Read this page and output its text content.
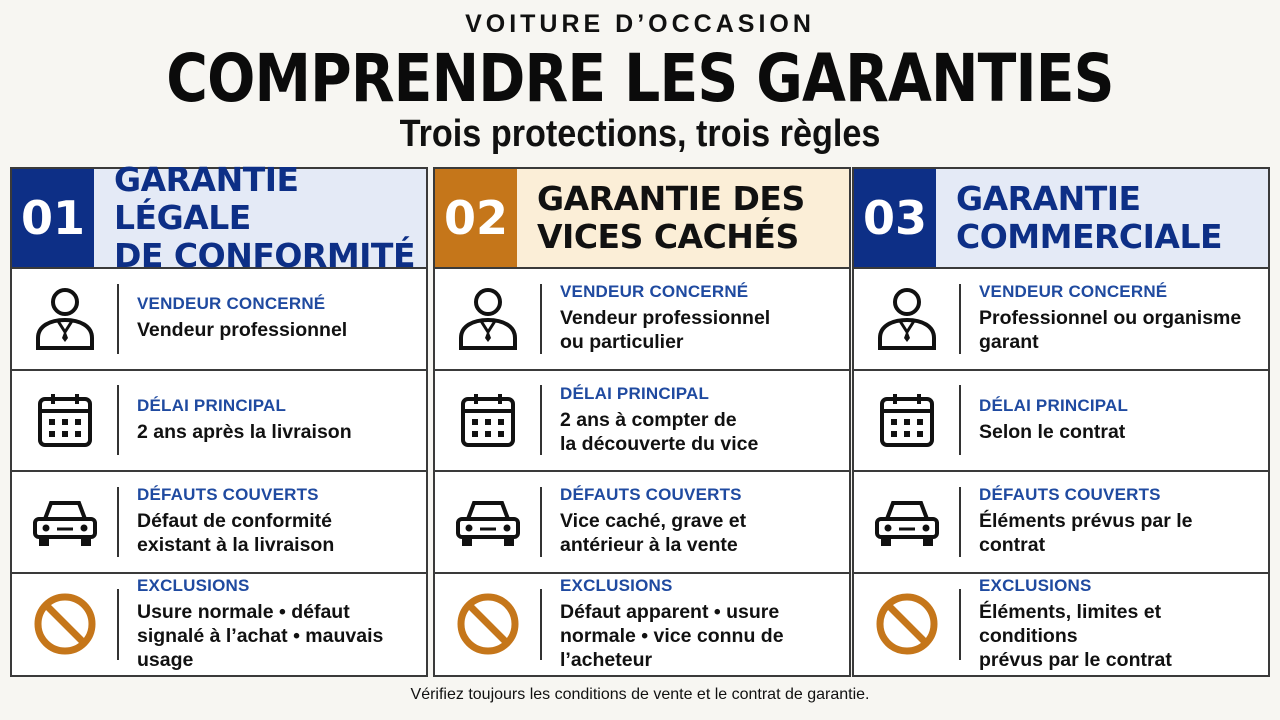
VOITURE D’OCCASION
COMPRENDRE LES GARANTIES
Trois protections, trois règles
01
GARANTIE LÉGALE
DE CONFORMITÉ
VENDEUR CONCERNÉ
Vendeur professionnel
DÉLAI PRINCIPAL
2 ans après la livraison
DÉFAUTS COUVERTS
Défaut de conformité
existant à la livraison
EXCLUSIONS
Usure normale • défaut
signalé à l’achat • mauvais usage
02 GARANTIE DES
VICES CACHÉS
VENDEUR CONCERNÉ
Vendeur professionnel
ou particulier
DÉLAI PRINCIPAL
2 ans à compter de
la découverte du vice
DÉFAUTS COUVERTS
Vice caché, grave et
antérieur à la vente
EXCLUSIONS
Défaut apparent • usure
normale • vice connu de l’acheteur
03 GARANTIE
COMMERCIALE
VENDEUR CONCERNÉ
Professionnel ou organisme
garant
DÉLAI PRINCIPAL
Selon le contrat
DÉFAUTS COUVERTS
Éléments prévus par le contrat
EXCLUSIONS
Éléments, limites et conditions
prévus par le contrat
Vérifiez toujours les conditions de vente et le contrat de garantie.
